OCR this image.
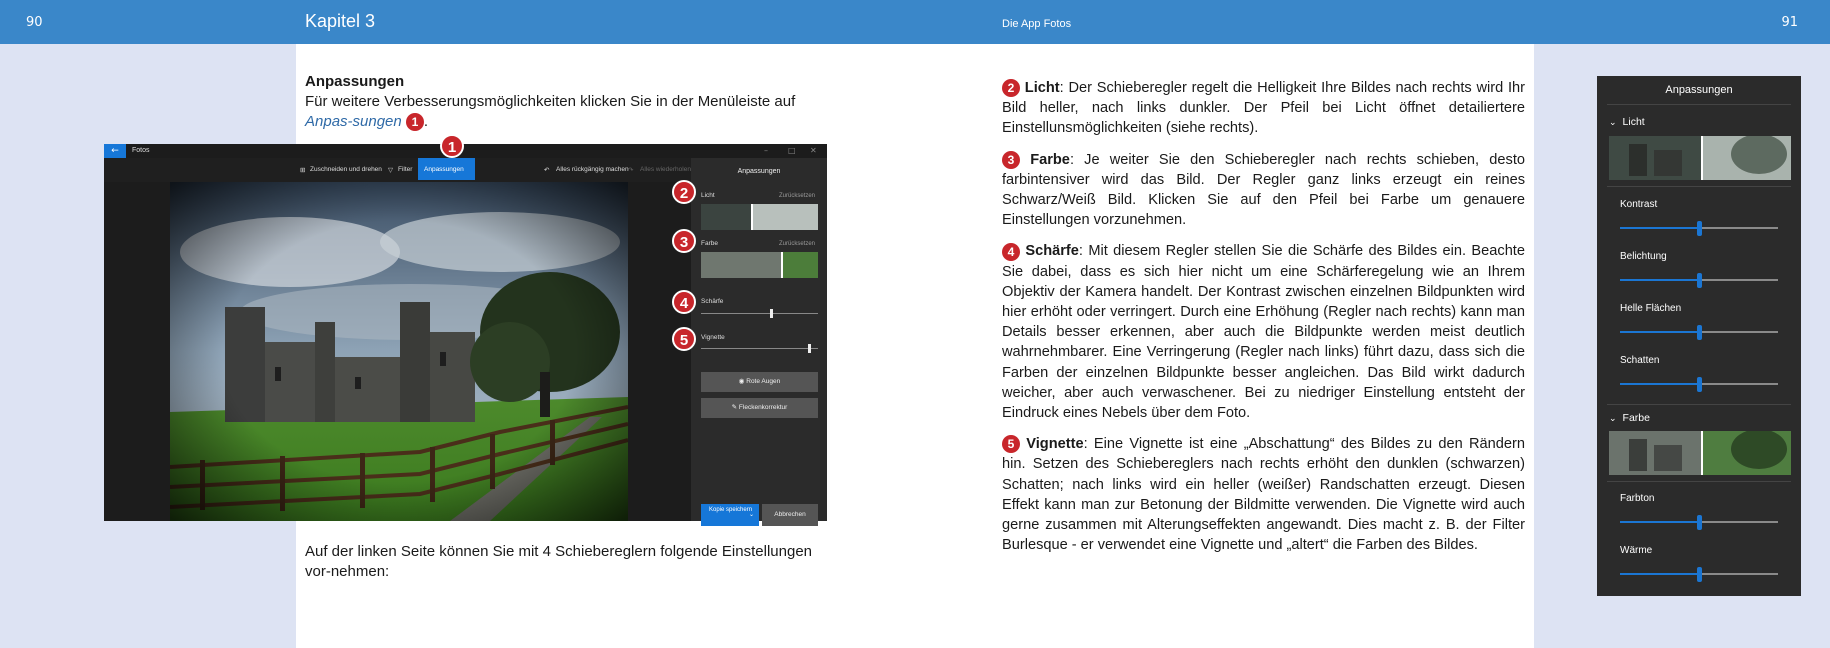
90	Kapitel 3	Die App Fotos	91
Anpassungen
Für weitere Verbesserungsmöglichkeiten klicken Sie in der Menüleiste auf Anpas-sungen 1 .
←	Fotos	–	□ ✕
⊞ Zuschneiden und drehen ▽ Filter	↶ Alles rückgängig machen ↷ Alles wiederholen
Anpassungen	Anpassungen
Licht	Zurücksetzen
Farbe	Zurücksetzen
Schärfe
Vignette
◉ Rote Augen
✎ Fleckenkorrektur
Kopie speichern
⌄	Abbrechen
1
2
3
4
5
Auf der linken Seite können Sie mit 4 Schiebereglern folgende Einstellungen vor-nehmen:

2 Licht: Der Schieberegler regelt die Helligkeit Ihre Bildes nach rechts wird Ihr Bild heller, nach links dunkler. Der Pfeil bei Licht öffnet detailiertere Einstellunsmöglichkeiten (siehe rechts).

3 Farbe: Je weiter Sie den Schieberegler nach rechts schieben, desto farbintensiver wird das Bild. Der Regler ganz links erzeugt ein reines Schwarz/Weiß Bild. Klicken Sie auf den Pfeil bei Farbe um genauere Einstellungen vorzunehmen.

4 Schärfe: Mit diesem Regler stellen Sie die Schärfe des Bildes ein. Beachte Sie dabei, dass es sich hier nicht um eine Schärferegelung wie an Ihrem Objektiv der Kamera handelt. Der Kontrast zwischen einzelnen Bildpunkten wird hier erhöht oder verringert. Durch eine Erhöhung (Regler nach rechts) kann man Details besser erkennen, aber auch die Bildpunkte werden meist deutlich wahrnehmbarer. Eine Verringerung (Regler nach links) führt dazu, dass sich die Farben der einzelnen Bildpunkte besser angleichen. Das Bild wirkt dadurch weicher, aber auch verwaschener. Bei zu niedriger Einstellung entsteht der Eindruck eines Nebels über dem Foto.

5 Vignette: Eine Vignette ist eine „Abschattung“ des Bildes zu den Rändern hin. Setzen des Schiebereglers nach rechts erhöht den dunklen (schwarzen) Schatten; nach links wird ein heller (weißer) Randschatten erzeugt. Diesen Effekt kann man zur Betonung der Bildmitte verwenden. Die Vignette wird auch gerne zusammen mit Alterungseffekten angewandt. Dies macht z. B. der Filter Burlesque - er verwendet eine Vignette und „altert“ die Farben des Bildes.

Anpassungen
⌄ Licht
Kontrast
Belichtung
Helle Flächen
Schatten
⌄ Farbe
Farbton
Wärme
